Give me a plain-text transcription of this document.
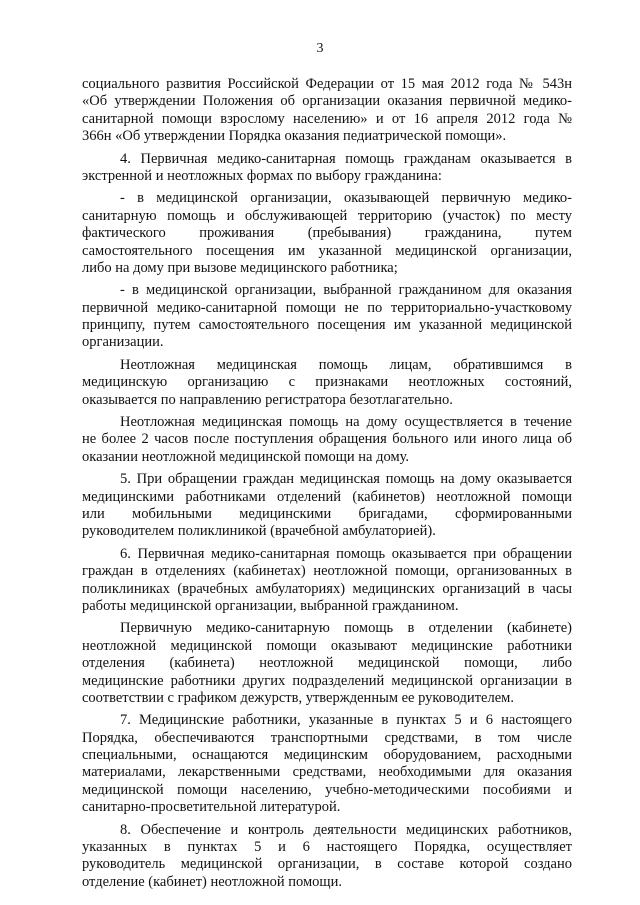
3
социального развития Российской Федерации от 15 мая 2012 года № 543н
«Об утверждении Положения об организации оказания первичной медико-
санитарной помощи взрослому населению» и от 16 апреля 2012 года №
366н «Об утверждении Порядка оказания педиатрической помощи».
4. Первичная медико-санитарная помощь гражданам оказывается в
экстренной и неотложных формах по выбору гражданина:
- в медицинской организации, оказывающей первичную медико-
санитарную помощь и обслуживающей территорию (участок) по месту
фактического проживания (пребывания) гражданина, путем
самостоятельного посещения им указанной медицинской организации,
либо на дому при вызове медицинского работника;
- в медицинской организации, выбранной гражданином для оказания
первичной медико-санитарной помощи не по территориально-участковому
принципу, путем самостоятельного посещения им указанной медицинской
организации.
Неотложная медицинская помощь лицам, обратившимся в
медицинскую организацию с признаками неотложных состояний,
оказывается по направлению регистратора безотлагательно.
Неотложная медицинская помощь на дому осуществляется в течение
не более 2 часов после поступления обращения больного или иного лица об
оказании неотложной медицинской помощи на дому.
5. При обращении граждан медицинская помощь на дому оказывается
медицинскими работниками отделений (кабинетов) неотложной помощи
или мобильными медицинскими бригадами, сформированными
руководителем поликлиникой (врачебной амбулаторией).
6. Первичная медико-санитарная помощь оказывается при обращении
граждан в отделениях (кабинетах) неотложной помощи, организованных в
поликлиниках (врачебных амбулаториях) медицинских организаций в часы
работы медицинской организации, выбранной гражданином.
Первичную медико-санитарную помощь в отделении (кабинете)
неотложной медицинской помощи оказывают медицинские работники
отделения (кабинета) неотложной медицинской помощи, либо
медицинские работники других подразделений медицинской организации в
соответствии с графиком дежурств, утвержденным ее руководителем.
7. Медицинские работники, указанные в пунктах 5 и 6 настоящего
Порядка, обеспечиваются транспортными средствами, в том числе
специальными, оснащаются медицинским оборудованием, расходными
материалами, лекарственными средствами, необходимыми для оказания
медицинской помощи населению, учебно-методическими пособиями и
санитарно-просветительной литературой.
8. Обеспечение и контроль деятельности медицинских работников,
указанных в пунктах 5 и 6 настоящего Порядка, осуществляет
руководитель медицинской организации, в составе которой создано
отделение (кабинет) неотложной помощи.
